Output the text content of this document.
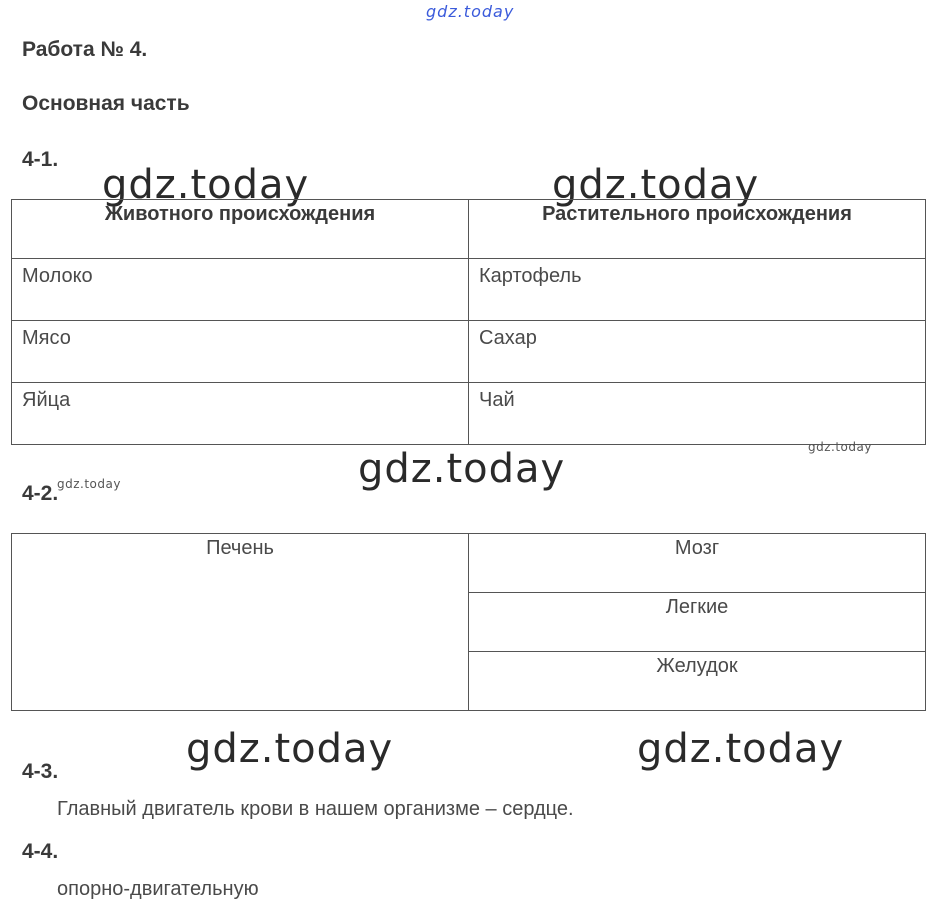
gdz.today
gdz.today	gdz.today
gdz.today
gdz.today	gdz.today
gdz.today
gdz.today
Работа № 4.
Основная часть
4-1.
Животного происхождения	Растительного происхождения
Молоко	Картофель
Мясо	Сахар
Яйца	Чай
4-2.
Печень	Мозг
Легкие
Желудок
4-3.
Главный двигатель крови в нашем организме – сердце.
4-4.
опорно-двигательную
